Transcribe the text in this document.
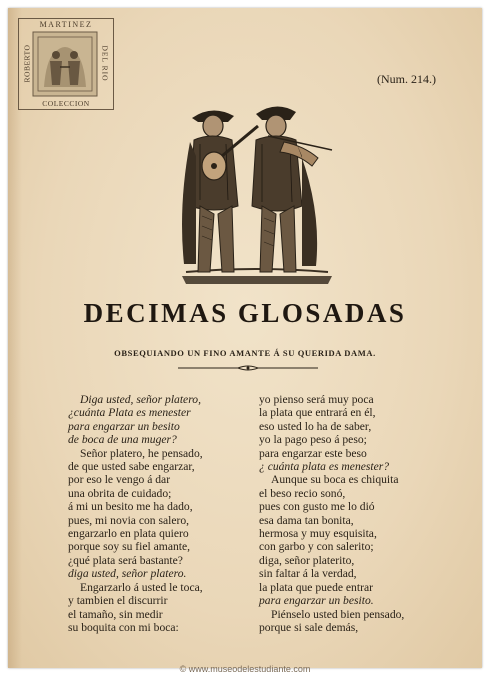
MARTINEZ
ROBERTO	DEL RIO
COLECCION
(Num. 214.)
DECIMAS GLOSADAS
OBSEQUIANDO UN FINO AMANTE Á SU QUERIDA DAMA.
Diga usted, señor platero,
¿cuánta Plata es menester
para engarzar un besito
de boca de una muger?
Señor platero, he pensado,
de que usted sabe engarzar,
por eso le vengo á dar
una obrita de cuidado;
á mi un besito me ha dado,
pues, mi novia con salero,
engarzarlo en plata quiero
porque soy su fiel amante,
¿qué plata será bastante?
diga usted, señor platero.
Engarzarlo á usted le toca,
y tambien el discurrir
el tamaño, sin medir
su boquita con mi boca:
yo pienso será muy poca
la plata que entrará en él,
eso usted lo ha de saber,
yo la pago peso á peso;
para engarzar este beso
¿ cuánta plata es menester?
Aunque su boca es chiquita
el beso recio sonó,
pues con gusto me lo dió
esa dama tan bonita,
hermosa y muy esquisita,
con garbo y con salerito;
diga, señor platerito,
sin faltar á la verdad,
la plata que puede entrar
para engarzar un besito.
Piénselo usted bien pensado,
porque si sale demás,
© www.museodelestudiante.com
